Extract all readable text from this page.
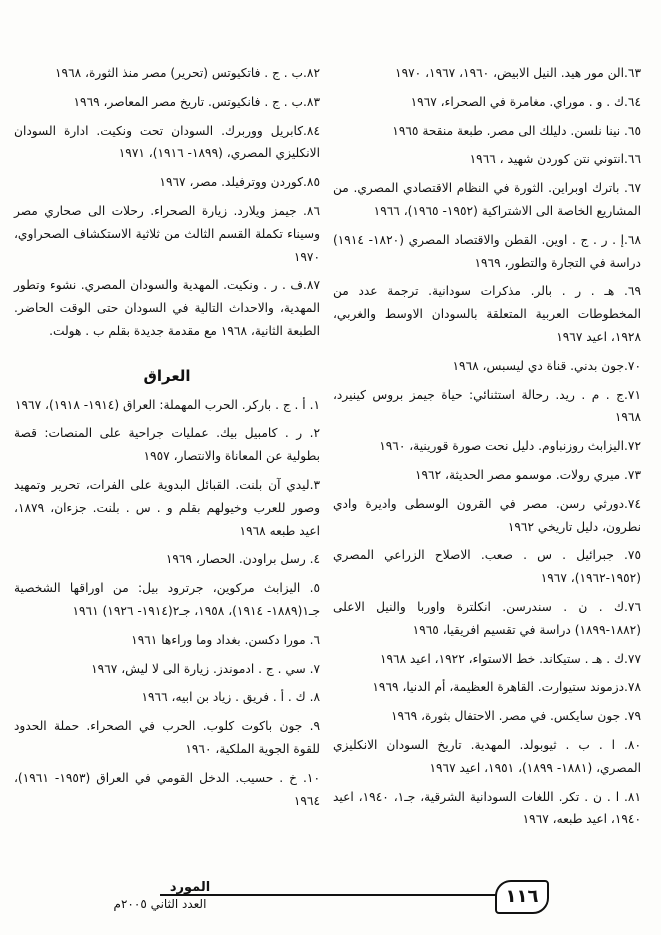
٦٣.الن مور هيد. النيل الابيض، ١٩٦٠، ١٩٦٧، ١٩٧٠

٦٤.ك . و . موراي. مغامرة في الصحراء، ١٩٦٧

٦٥. نينا نلسن. دليلك الى مصر. طبعة منقحة ١٩٦٥

٦٦.انتوني نتن كوردن شهيد ، ١٩٦٦

٦٧. باترك اوبراين. الثورة في النظام الاقتصادي المصري. من المشاريع الخاصة الى الاشتراكية (١٩٥٢- ١٩٦٥)، ١٩٦٦

٦٨.إ . ر . ج . اوين. القطن والاقتصاد المصري (١٨٢٠- ١٩١٤) دراسة في التجارة والتطور، ١٩٦٩

٦٩. هـ . ر . بالر. مذكرات سودانية. ترجمة عدد من المخطوطات العربية المتعلقة بالسودان الاوسط والغربي، ١٩٢٨، اعيد ١٩٦٧

٧٠.جون بدني. قناة دي ليسبس، ١٩٦٨

٧١.ج . م . ريد. رحالة استثنائي: حياة جيمز بروس كينيرد، ١٩٦٨

٧٢.اليزابث روزنباوم. دليل نحت صورة قورينية، ١٩٦٠

٧٣. ميري رولات. موسمو مصر الحديثة، ١٩٦٢

٧٤.دورثي رسن. مصر في القرون الوسطى واديرة وادي نطرون، دليل تاريخي ١٩٦٢

٧٥. جبرائيل . س . صعب. الاصلاح الزراعي المصري (١٩٥٢-١٩٦٢)، ١٩٦٧

٧٦.ك . ن . سندرسن. انكلترة واوربا والنيل الاعلى (١٨٨٢-١٨٩٩) دراسة في تقسيم افريقيا، ١٩٦٥

٧٧.ك . هـ . ستيكاند. خط الاستواء، ١٩٢٢، اعيد ١٩٦٨

٧٨.دزموند ستيوارت. القاهرة العظيمة، أم الدنيا، ١٩٦٩

٧٩. جون سايكس. في مصر. الاحتفال بثورة، ١٩٦٩

٨٠. ا . ب . ثيوبولد. المهدية. تاريخ السودان الانكليزي المصري، (١٨٨١- ١٨٩٩)، ١٩٥١، اعيد ١٩٦٧

٨١. ا . ن . تكر. اللغات السودانية الشرقية، جـ١، ١٩٤٠، اعيد ١٩٤٠، اعيد طبعه، ١٩٦٧

٨٢.ب . ج . فاتكيوتس (تحرير) مصر منذ الثورة، ١٩٦٨

٨٣.ب . ج . فانكيوتس. تاريخ مصر المعاصر، ١٩٦٩

٨٤.كابريل ووربرك. السودان تحت ونكيت. ادارة السودان الانكليزي المصري، (١٨٩٩- ١٩١٦)، ١٩٧١

٨٥.كوردن ووترفيلد. مصر، ١٩٦٧

٨٦. جيمز ويلارد. زيارة الصحراء. رحلات الى صحاري مصر وسيناء تكملة القسم الثالث من ثلاثية الاستكشاف الصحراوي، ١٩٧٠

٨٧.ف . ر . ونكيت. المهدية والسودان المصري. نشوء وتطور المهدية، والاحداث التالية في السودان حتى الوقت الحاضر. الطبعة الثانية، ١٩٦٨ مع مقدمة جديدة بقلم ب . هولت.

العراق

١. أ . ج . باركر. الحرب المهملة: العراق (١٩١٤- ١٩١٨)، ١٩٦٧

٢. ر . كامبيل بيك. عمليات جراحية على المنصات: قصة بطولية عن المعاناة والانتصار، ١٩٥٧

٣.ليدي آن بلنت. القبائل البدوية على الفرات، تحرير وتمهيد وصور للعرب وخيولهم بقلم و . س . بلنت. جزءان، ١٨٧٩، اعيد طبعه ١٩٦٨

٤. رسل براودن. الحصار، ١٩٦٩

٥. اليزابث مركوين، جرترود بيل: من اوراقها الشخصية جـ١(١٨٨٩- ١٩١٤)، ١٩٥٨، جـ٢(١٩١٤- ١٩٢٦) ١٩٦١

٦. مورا دكسن. بغداد وما وراءها ١٩٦١

٧. سي . ج . ادموندز. زيارة الى لا ليش، ١٩٦٧

٨. ك . أ . فريق . زياد بن ابيه، ١٩٦٦

٩. جون باكوت كلوب. الحرب في الصحراء. حملة الحدود للقوة الجوية الملكية، ١٩٦٠

١٠. خ . حسيب. الدخل القومي في العراق (١٩٥٣- ١٩٦١)، ١٩٦٤

المورد
العدد الثاني ٢٠٠٥م	١١٦
